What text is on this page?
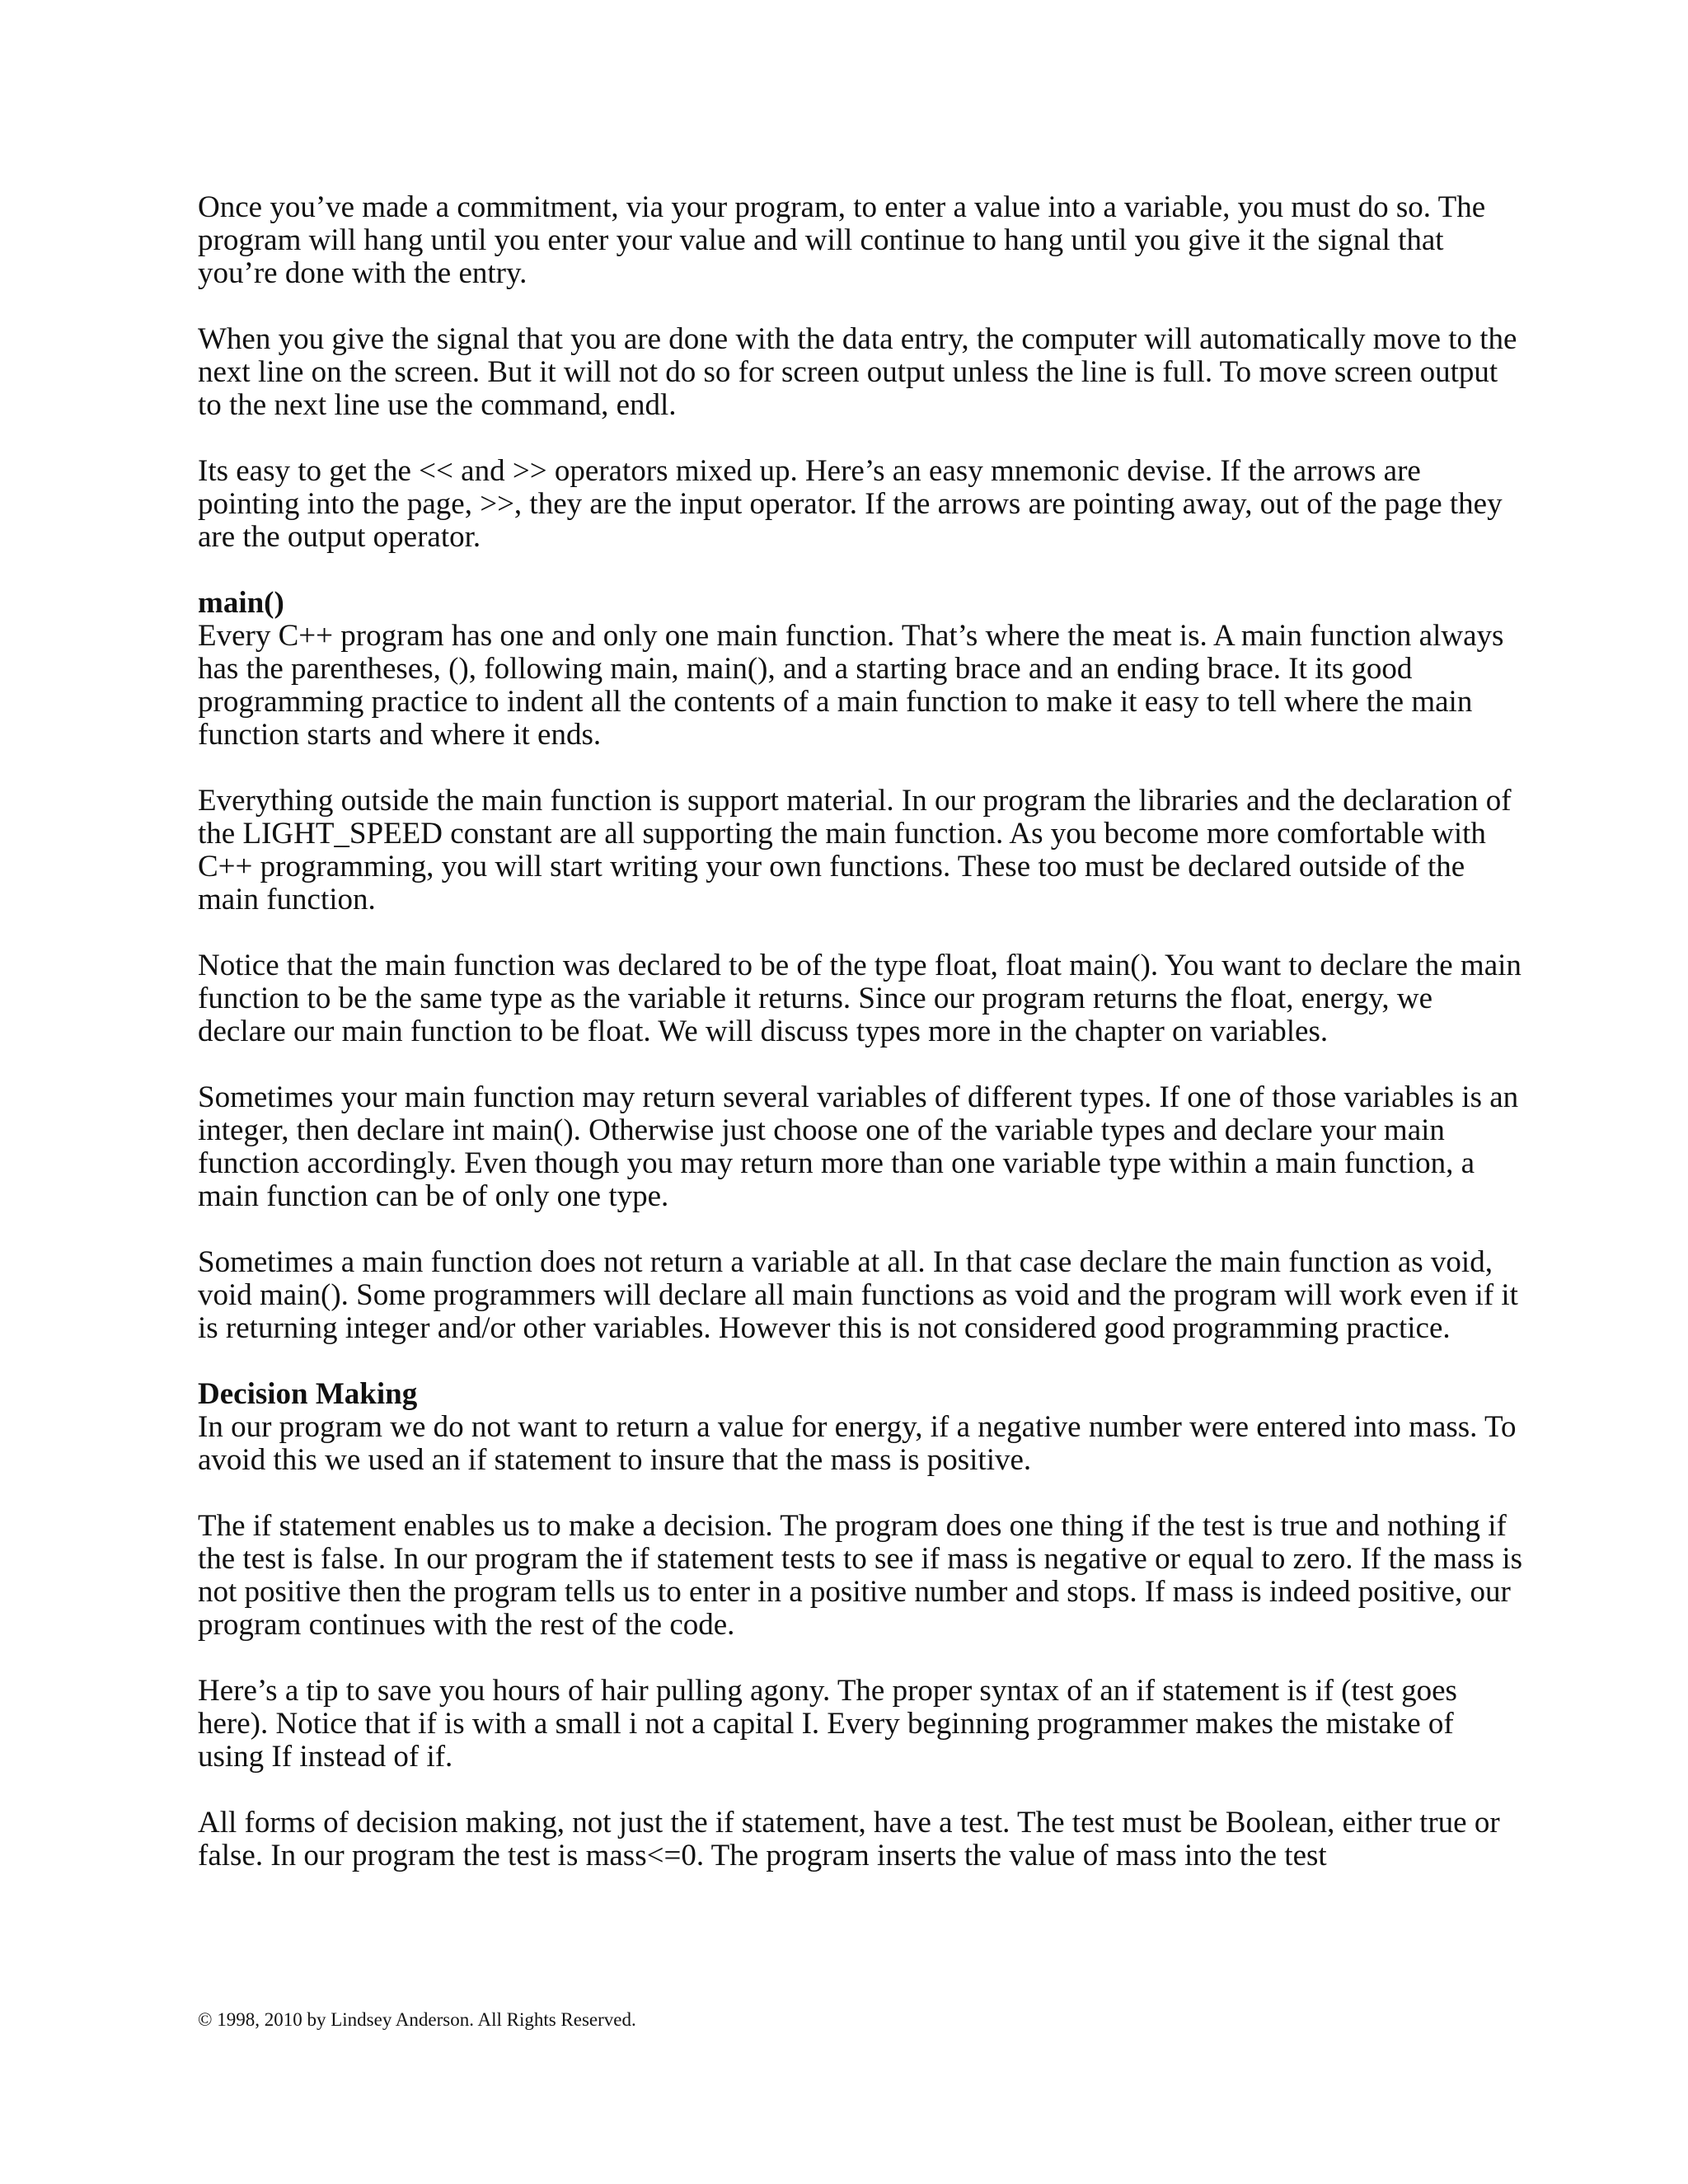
Once you’ve made a commitment, via your program, to enter a value into a variable, you must do so. The program will hang until you enter your value and will continue to hang until you give it the signal that you’re done with the entry.

When you give the signal that you are done with the data entry, the computer will automatically move to the next line on the screen. But it will not do so for screen output unless the line is full. To move screen output to the next line use the command, endl.

Its easy to get the << and >> operators mixed up. Here’s an easy mnemonic devise. If the arrows are pointing into the page, >>, they are the input operator. If the arrows are pointing away, out of the page they are the output operator.

main()

Every C++ program has one and only one main function. That’s where the meat is. A main function always has the parentheses, (), following main, main(), and a starting brace and an ending brace. It its good programming practice to indent all the contents of a main function to make it easy to tell where the main function starts and where it ends.

Everything outside the main function is support material. In our program the libraries and the declaration of the LIGHT_SPEED constant are all supporting the main function. As you become more comfortable with C++ programming, you will start writing your own functions. These too must be declared outside of the main function.

Notice that the main function was declared to be of the type float, float main(). You want to declare the main function to be the same type as the variable it returns. Since our program returns the float, energy, we declare our main function to be float. We will discuss types more in the chapter on variables.

Sometimes your main function may return several variables of different types. If one of those variables is an integer, then declare int main(). Otherwise just choose one of the variable types and declare your main function accordingly. Even though you may return more than one variable type within a main function, a main function can be of only one type.

Sometimes a main function does not return a variable at all. In that case declare the main function as void, void main(). Some programmers will declare all main functions as void and the program will work even if it is returning integer and/or other variables. However this is not considered good programming practice.

Decision Making

In our program we do not want to return a value for energy, if a negative number were entered into mass. To avoid this we used an if statement to insure that the mass is positive.

The if statement enables us to make a decision. The program does one thing if the test is true and nothing if the test is false. In our program the if statement tests to see if mass is negative or equal to zero. If the mass is not positive then the program tells us to enter in a positive number and stops. If mass is indeed positive, our program continues with the rest of the code.

Here’s a tip to save you hours of hair pulling agony. The proper syntax of an if statement is if (test goes here). Notice that if is with a small i not a capital I. Every beginning programmer makes the mistake of using If instead of if.

All forms of decision making, not just the if statement, have a test. The test must be Boolean, either true or false. In our program the test is mass<=0. The program inserts the value of mass into the test

© 1998, 2010 by Lindsey Anderson. All Rights Reserved.
